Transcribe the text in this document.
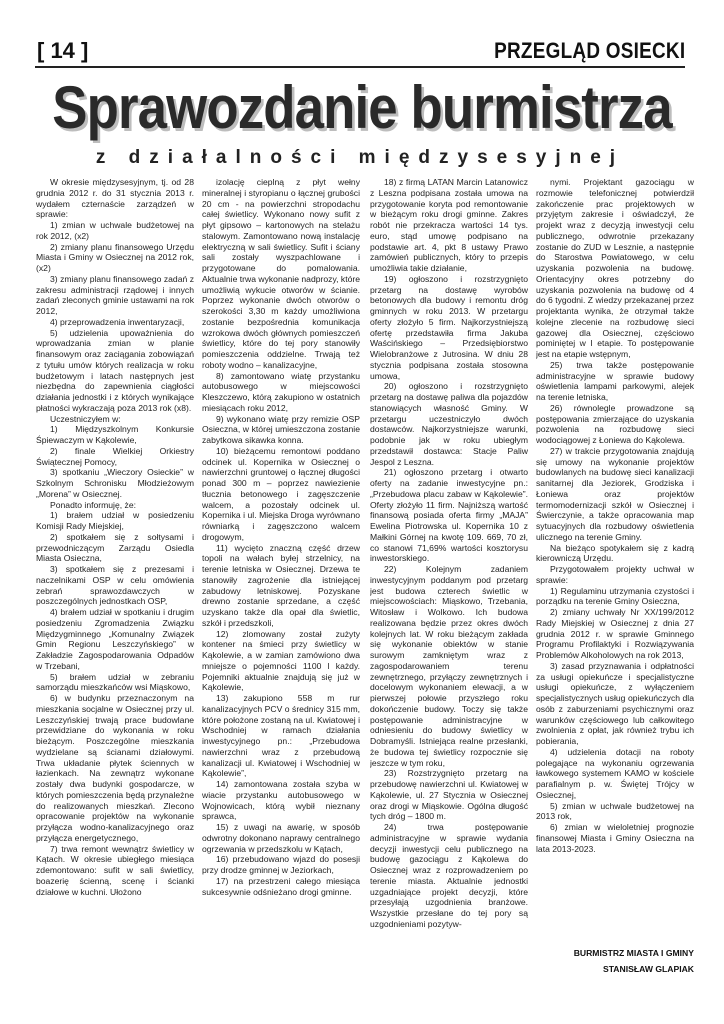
[ 14 ]	PRZEGLĄD OSIECKI
Sprawozdanie burmistrza
z działalności międzysesyjnej

W okresie międzysesyjnym, tj. od 28 grudnia 2012 r. do 31 stycznia 2013 r. wydałem czternaście zarządzeń w sprawie:

1) zmian w uchwale budżetowej na rok 2012, (x2)

2) zmiany planu finansowego Urzędu Miasta i Gminy w Osiecznej na 2012 rok, (x2)

3) zmiany planu finansowego zadań z zakresu administracji rządowej i innych zadań zleconych gminie ustawami na rok 2012,

4) przeprowadzenia inwentaryzacji,

5) udzielenia upoważnienia do wprowadzania zmian w planie finansowym oraz zaciągania zobowiązań z tytułu umów których realizacja w roku budżetowym i latach następnych jest niezbędna do zapewnienia ciągłości działania jednostki i z których wynikające płatności wykraczają poza 2013 rok (x8).

Uczestniczyłem w:

1) Międzyszkolnym Konkursie Śpiewaczym w Kąkolewie,

2) finale Wielkiej Orkiestry Świątecznej Pomocy,

3) spotkaniu „Wieczory Osieckie” w Szkolnym Schronisku Młodzieżowym „Morena” w Osiecznej.

Ponadto informuję, że:

1) brałem udział w posiedzeniu Komisji Rady Miejskiej,

2) spotkałem się z sołtysami i przewodniczącym Zarządu Osiedla Miasta Osieczna,

3) spotkałem się z prezesami i naczelnikami OSP w celu omówienia zebrań sprawozdawczych w poszczególnych jednostkach OSP,

4) brałem udział w spotkaniu i drugim posiedzeniu Zgromadzenia Związku Międzygminnego „Komunalny Związek Gmin Regionu Leszczyńskiego” w Zakładzie Zagospodarowania Odpadów w Trzebani,

5) brałem udział w zebraniu samorządu mieszkańców wsi Miąskowo,

6) w budynku przeznaczonym na mieszkania socjalne w Osiecznej przy ul. Leszczyńskiej trwają prace budowlane przewidziane do wykonania w roku bieżącym. Poszczególne mieszkania wydzielane są ścianami działowymi. Trwa układanie płytek ściennych w łazienkach. Na zewnątrz wykonane zostały dwa budynki gospodarcze, w których pomieszczenia będą przynależne do realizowanych mieszkań. Zlecono opracowanie projektów na wykonanie przyłącza wodno-kanalizacyjnego oraz przyłącza energetycznego,

7) trwa remont wewnątrz świetlicy w Kątach. W okresie ubiegłego miesiąca zdemontowano: sufit w sali świetlicy, boazerię ścienną, scenę i ścianki działowe w kuchni. Ułożono

izolację cieplną z płyt wełny mineralnej i styropianu o łącznej grubości 20 cm - na powierzchni stropodachu całej świetlicy. Wykonano nowy sufit z płyt gipsowo – kartonowych na stelażu stalowym. Zamontowano nową instalację elektryczną w sali świetlicy. Sufit i ściany sali zostały wyszpachlowane i przygotowane do pomalowania. Aktualnie trwa wykonanie nadprozy, które umożliwią wykucie otworów w ścianie. Poprzez wykonanie dwóch otworów o szerokości 3,30 m każdy umożliwiona zostanie bezpośrednia komunikacja wzrokowa dwóch głównych pomieszczeń świetlicy, które do tej pory stanowiły pomieszczenia oddzielne. Trwają też roboty wodno – kanalizacyjne,

8) zamontowano wiatę przystanku autobusowego w miejscowości Kleszczewo, którą zakupiono w ostatnich miesiącach roku 2012,

9) wykonano wiatę przy remizie OSP Osieczna, w której umieszczona zostanie zabytkowa sikawka konna.

10) bieżącemu remontowi poddano odcinek ul. Kopernika w Osiecznej o nawierzchni gruntowej o łącznej długości ponad 300 m – poprzez nawiezienie tłucznia betonowego i zagęszczenie walcem, a pozostały odcinek ul. Kopernika i ul. Miejska Droga wyrównano równiarką i zagęszczono walcem drogowym,

11) wycięto znaczną część drzew topoli na wałach byłej strzelnicy, na terenie letniska w Osiecznej. Drzewa te stanowiły zagrożenie dla istniejącej zabudowy letniskowej. Pozyskane drewno zostanie sprzedane, a część uzyskano także dla opał dla świetlic, szkół i przedszkoli,

12) zlomowany został zużyty kontener na śmieci przy świetlicy w Kąkolewie, a w zamian zamówiono dwa mniejsze o pojemności 1100 l każdy. Pojemniki aktualnie znajdują się już w Kąkolewie,

13) zakupiono 558 m rur kanalizacyjnych PCV o średnicy 315 mm, które położone zostaną na ul. Kwiatowej i Wschodniej w ramach działania inwestycyjnego pn.: „Przebudowa nawierzchni wraz z przebudową kanalizacji ul. Kwiatowej i Wschodniej w Kąkolewie”,

14) zamontowana została szyba w wiacie przystanku autobusowego w Wojnowicach, którą wybił nieznany sprawca,

15) z uwagi na awarię, w sposób odwrotny dokonano naprawy centralnego ogrzewania w przedszkolu w Kątach,

16) przebudowano wjazd do posesji przy drodze gminnej w Jeziorkach,

17) na przestrzeni całego miesiąca sukcesywnie odśnieżano drogi gminne.

18) z firmą LATAN Marcin Latanowicz z Leszna podpisana została umowa na przygotowanie koryta pod remontowanie w bieżącym roku drogi gminne. Zakres robót nie przekracza wartości 14 tys. euro, stąd umowę podpisano na podstawie art. 4, pkt 8 ustawy Prawo zamówień publicznych, który to przepis umożliwia takie działanie,

19) ogłoszono i rozstrzygnięto przetarg na dostawę wyrobów betonowych dla budowy i remontu dróg gminnych w roku 2013. W przetargu oferty złożyło 5 firm. Najkorzystniejszą ofertę przedstawiła firma Jakuba Waścińskiego – Przedsiębiorstwo Wielobranżowe z Jutrosina. W dniu 28 stycznia podpisana została stosowna umowa,

20) ogłoszono i rozstrzygnięto przetarg na dostawę paliwa dla pojazdów stanowiących własność Gminy. W przetargu uczestniczyło dwóch dostawców. Najkorzystniejsze warunki, podobnie jak w roku ubiegłym przedstawił dostawca: Stacje Paliw Jespol z Leszna.

21) ogłoszono przetarg i otwarto oferty na zadanie inwestycyjne pn.: „Przebudowa placu zabaw w Kąkolewie”. Oferty złożyło 11 firm. Najniższą wartość finansową posiada oferta firmy „MAJA” Ewelina Piotrowska ul. Kopernika 10 z Małkini Górnej na kwotę 109. 669, 70 zł, co stanowi 71,69% wartości kosztorysu inwestorskiego.

22) Kolejnym zadaniem inwestycyjnym poddanym pod przetarg jest budowa czterech świetlic w miejscowościach: Miąskowo, Trzebania, Witosław i Wolkowo. Ich budowa realizowana będzie przez okres dwóch kolejnych lat. W roku bieżącym zakłada się wykonanie obiektów w stanie surowym zamkniętym wraz z zagospodarowaniem terenu zewnętrznego, przyłączy zewnętrznych i docelowym wykonaniem elewacji, a w pierwszej połowie przyszłego roku dokończenie budowy. Toczy się także postępowanie administracyjne w odniesieniu do budowy świetlicy w Dobramyśli. Istniejąca realne przesłanki, że budowa tej świetlicy rozpocznie się jeszcze w tym roku,

23) Rozstrzygnięto przetarg na przebudowę nawierzchni ul. Kwiatowej w Kąkolewie, ul. 27 Stycznia w Osiecznej oraz drogi w Miąskowie. Ogólna długość tych dróg – 1800 m.

24) trwa postępowanie administracyjne w sprawie wydania decyzji inwestycji celu publicznego na budowę gazociągu z Kąkolewa do Osiecznej wraz z rozprowadzeniem po terenie miasta. Aktualnie jednostki uzgadniające projekt decyzji, które przesyłają uzgodnienia branżowe. Wszystkie przesłane do tej pory są uzgodnieniami pozytyw-

nymi. Projektant gazociągu w rozmowie telefonicznej potwierdził zakończenie prac projektowych w przyjętym zakresie i oświadczył, że projekt wraz z decyzją inwestycji celu publicznego, odwrotnie przekazany zostanie do ZUD w Lesznie, a następnie do Starostwa Powiatowego, w celu uzyskania pozwolenia na budowę. Orientacyjny okres potrzebny do uzyskania pozwolenia na budowę od 4 do 6 tygodni. Z wiedzy przekazanej przez projektanta wynika, że otrzymał także kolejne zlecenie na rozbudowę sieci gazowej dla Osiecznej, częściowo pominiętej w I etapie. To postępowanie jest na etapie wstępnym,

25) trwa także postępowanie administracyjne w sprawie budowy oświetlenia lampami parkowymi, alejek na terenie letniska,

26) równolegle prowadzone są postępowania zmierzające do uzyskania pozwolenia na rozbudowę sieci wodociągowej z Łoniewa do Kąkolewa.

27) w trakcie przygotowania znajdują się umowy na wykonanie projektów budowlanych na budowę sieci kanalizacji sanitarnej dla Jeziorek, Grodziska i Łoniewa oraz projektów termomodernizacji szkół w Osiecznej i Świerczynie, a także opracowania map sytuacyjnych dla rozbudowy oświetlenia ulicznego na terenie Gminy.

Na bieżąco spotykałem się z kadrą kierowniczą Urzędu.

Przygotowałem projekty uchwał w sprawie:

1) Regulaminu utrzymania czystości i porządku na terenie Gminy Osieczna,

2) zmiany uchwały Nr XX/199/2012 Rady Miejskiej w Osiecznej z dnia 27 grudnia 2012 r. w sprawie Gminnego Programu Profilaktyki i Rozwiązywania Problemów Alkoholowych na rok 2013,

3) zasad przyznawania i odpłatności za usługi opiekuńcze i specjalistyczne usługi opiekuńcze, z wyłączeniem specjalistycznych usług opiekuńczych dla osób z zaburzeniami psychicznymi oraz warunków częściowego lub całkowitego zwolnienia z opłat, jak również trybu ich pobierania,

4) udzielenia dotacji na roboty polegające na wykonaniu ogrzewania ławkowego systemem KAMO w kościele parafialnym p. w. Świętej Trójcy w Osiecznej,

5) zmian w uchwale budżetowej na 2013 rok,

6) zmian w wieloletniej prognozie finansowej Miasta i Gminy Osieczna na lata 2013-2023.

BURMISTRZ MIASTA I GMINY
STANISŁAW GLAPIAK
